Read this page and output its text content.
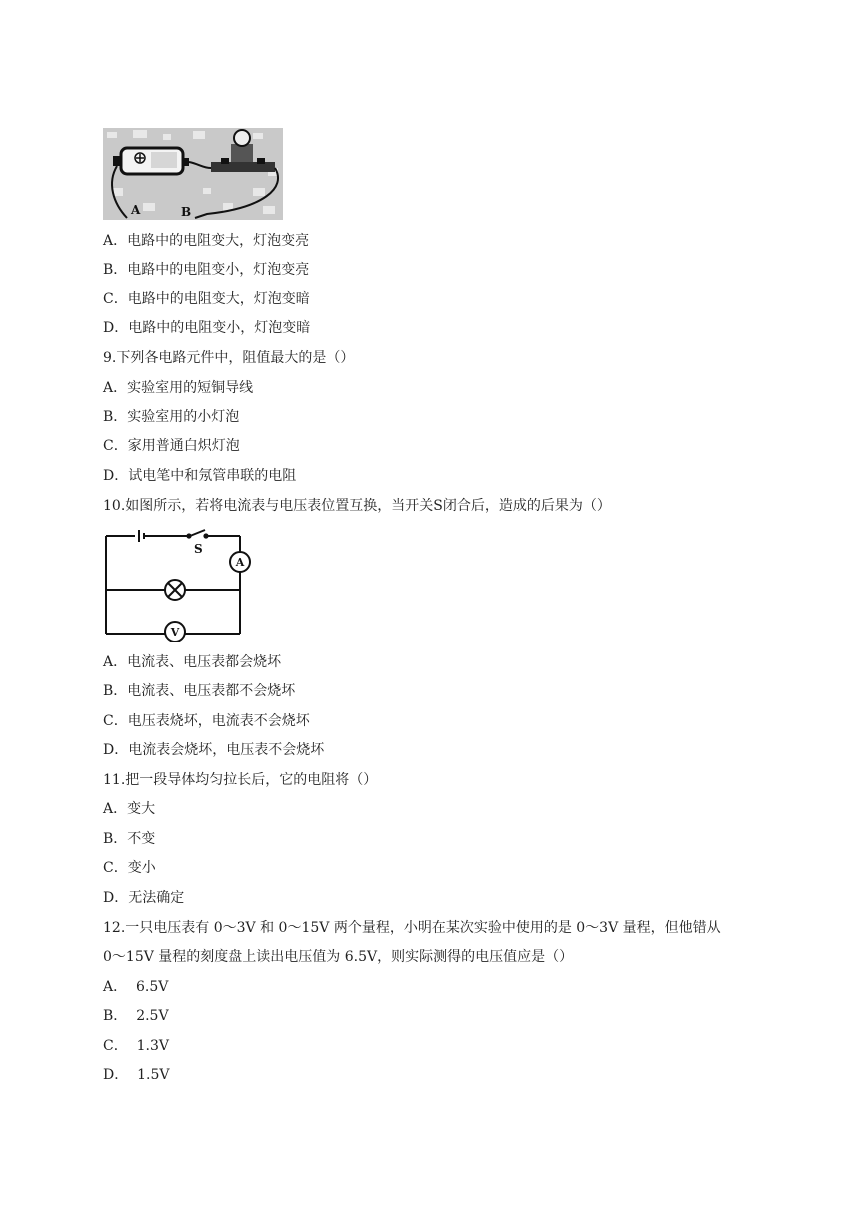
A	B
A．电路中的电阻变大，灯泡变亮
B．电路中的电阻变小，灯泡变亮
C．电路中的电阻变大，灯泡变暗
D．电路中的电阻变小，灯泡变暗
9.下列各电路元件中，阻值最大的是（）
A．实验室用的短铜导线
B．实验室用的小灯泡
C．家用普通白炽灯泡
D．试电笔中和氖管串联的电阻
10.如图所示，若将电流表与电压表位置互换，当开关S闭合后，造成的后果为（）
S
A
V
A．电流表、电压表都会烧坏
B．电流表、电压表都不会烧坏
C．电压表烧坏，电流表不会烧坏
D．电流表会烧坏，电压表不会烧坏
11.把一段导体均匀拉长后，它的电阻将（）
A．变大
B．不变
C．变小
D．无法确定
12.一只电压表有 0～3V 和 0～15V 两个量程，小明在某次实验中使用的是 0～3V 量程，但他错从
0～15V 量程的刻度盘上读出电压值为 6.5V，则实际测得的电压值应是（）
A．  6.5V
B．  2.5V
C．  1.3V
D．  1.5V
